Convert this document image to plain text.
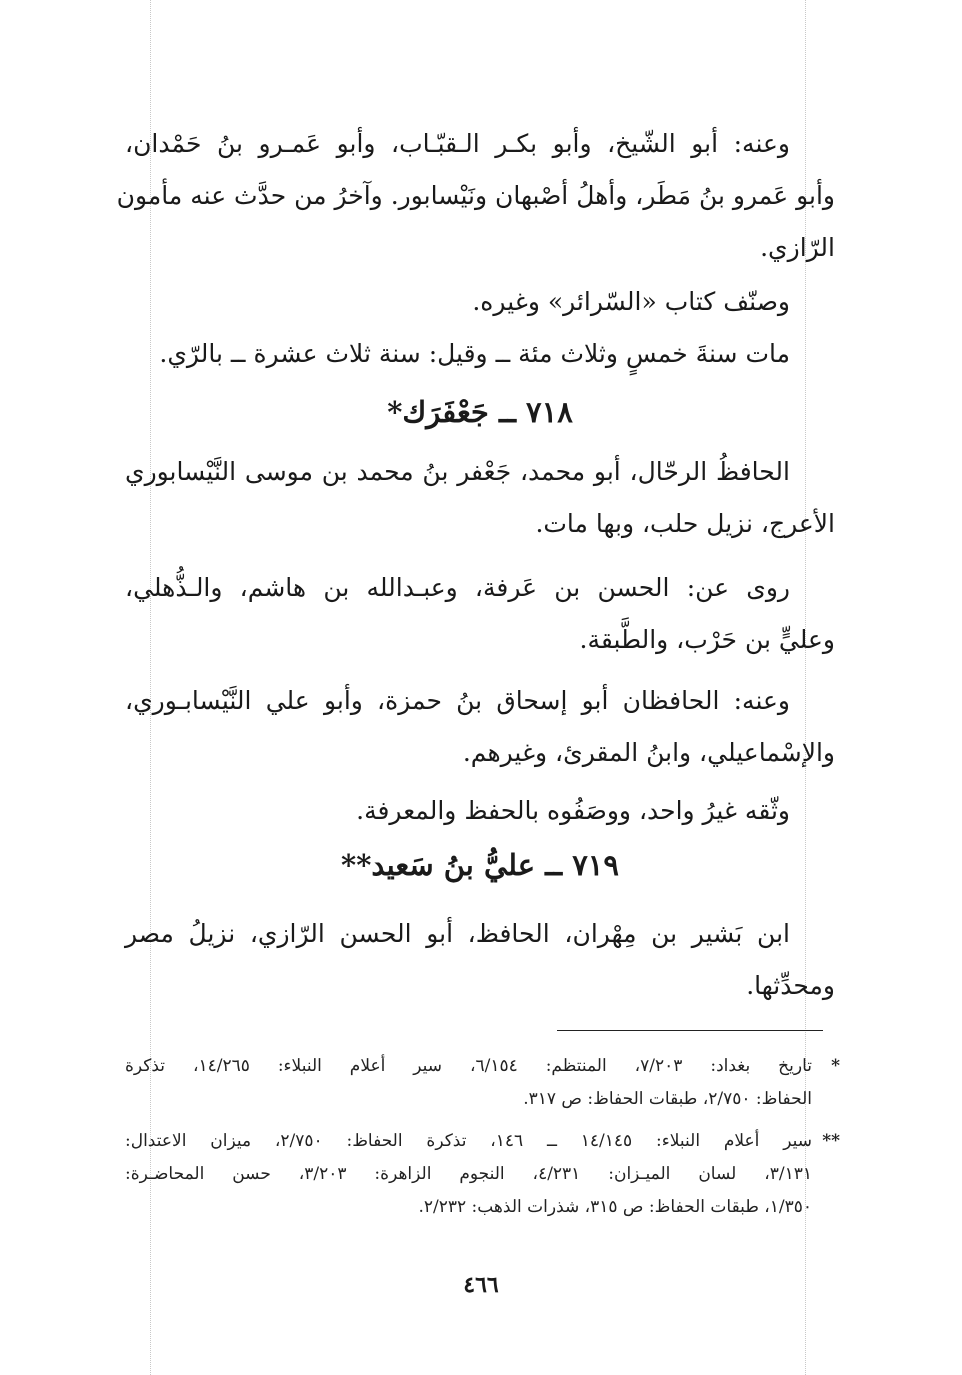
وعنه: أبو الشّيخ، وأبو بكـر الـقبّـاب، وأبو عَمـرو بنُ حَمْدان،
وأبو عَمرو بنُ مَطَر، وأهلُ أصْبهان ونَيْسابور. وآخرُ من حدَّث عنه مأمون
الرّازي.
وصنّف كتاب «السّرائر» وغيره.
مات سنةَ خمسٍ وثلاث مئة ــ وقيل: سنة ثلاث عشرة ــ بالرّي.
٧١٨ ــ جَعْفَرَك*
الحافظُ الرحّال، أبو محمد، جَعْفر بنُ محمد بن موسى النَّيْسابوري
الأعرج، نزيل حلب، وبها مات.
روى عن: الحسن بن عَرفة، وعبـدالله بن هاشم، والـذُّهلي،
وعليٍّ بن حَرْب، والطَّبقة.
وعنه: الحافظان أبو إسحاق بنُ حمزة، وأبو علي النَّيْسابـوري،
والإسْماعيلي، وابنُ المقرئ، وغيرهم.
وثّقه غيرُ واحد، ووصَفُوه بالحفظ والمعرفة.
٧١٩ ــ عليُّ بنُ سَعيد**
ابن بَشير بن مِهْران، الحافظ، أبو الحسن الرّازي، نزيلُ مصر
ومحدِّثها.
*تاريخ بغداد: ٧/٢٠٣، المنتظم: ٦/١٥٤، سير أعلام النبلاء: ١٤/٢٦٥، تذكرة
الحفاظ: ٢/٧٥٠، طبقات الحفاظ: ص ٣١٧.
**سير أعلام النبلاء: ١٤/١٤٥ ــ ١٤٦، تذكرة الحفاظ: ٢/٧٥٠، ميزان الاعتدال:
٣/١٣١، لسان الميـزان: ٤/٢٣١، النجوم الزاهرة: ٣/٢٠٣، حسن المحاضـرة:
١/٣٥٠، طبقات الحفاظ: ص ٣١٥، شذرات الذهب: ٢/٢٣٢.
٤٦٦
